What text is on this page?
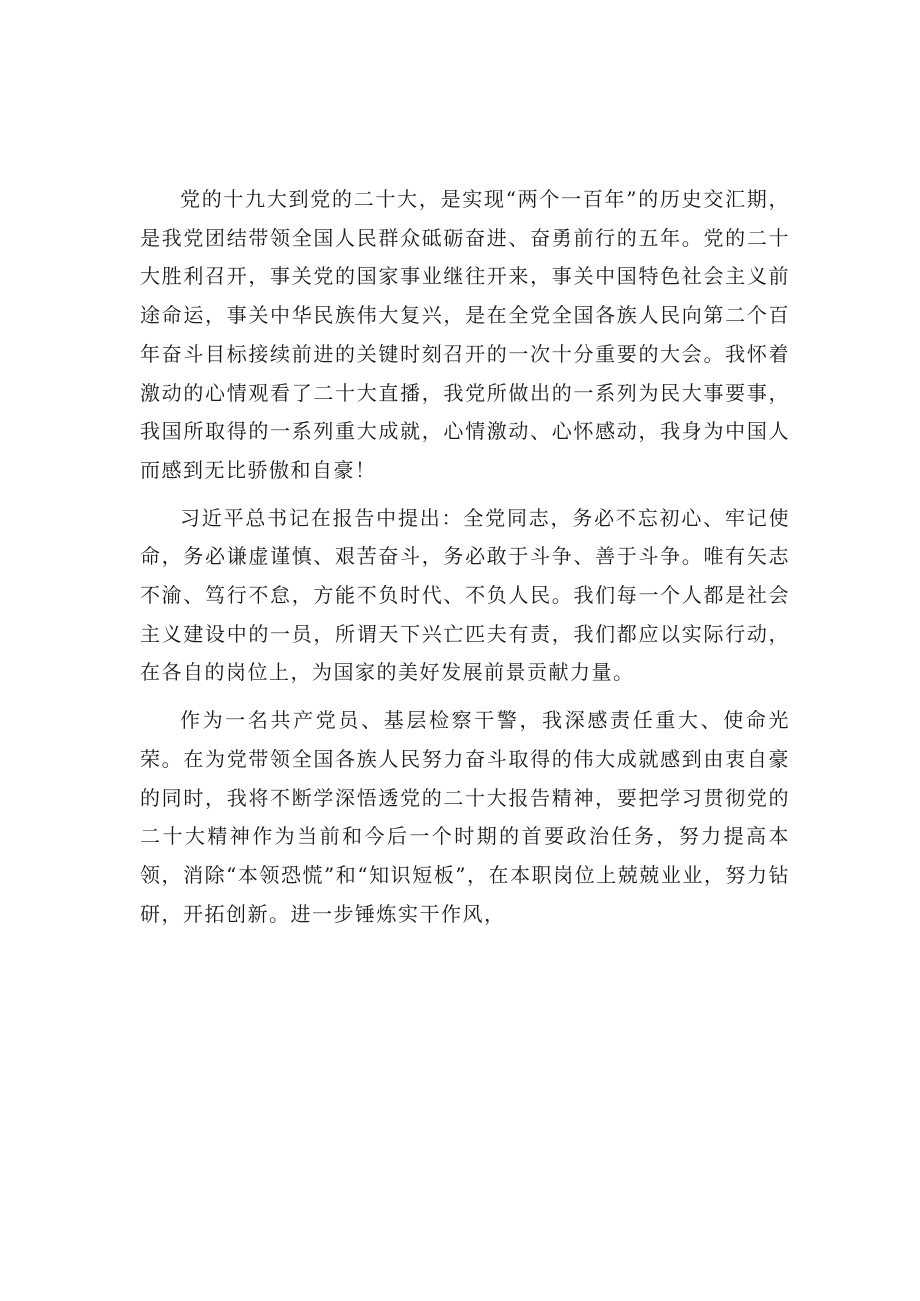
党的十九大到党的二十大，是实现“两个一百年”的历史交汇期，是我党团结带领全国人民群众砥砺奋进、奋勇前行的五年。党的二十大胜利召开，事关党的国家事业继往开来，事关中国特色社会主义前途命运，事关中华民族伟大复兴，是在全党全国各族人民向第二个百年奋斗目标接续前进的关键时刻召开的一次十分重要的大会。我怀着激动的心情观看了二十大直播，我党所做出的一系列为民大事要事，我国所取得的一系列重大成就，心情激动、心怀感动，我身为中国人而感到无比骄傲和自豪！

习近平总书记在报告中提出：全党同志，务必不忘初心、牢记使命，务必谦虚谨慎、艰苦奋斗，务必敢于斗争、善于斗争。唯有矢志不渝、笃行不怠，方能不负时代、不负人民。我们每一个人都是社会主义建设中的一员，所谓天下兴亡匹夫有责，我们都应以实际行动，在各自的岗位上，为国家的美好发展前景贡献力量。

作为一名共产党员、基层检察干警，我深感责任重大、使命光荣。在为党带领全国各族人民努力奋斗取得的伟大成就感到由衷自豪的同时，我将不断学深悟透党的二十大报告精神，要把学习贯彻党的二十大精神作为当前和今后一个时期的首要政治任务，努力提高本领，消除“本领恐慌”和“知识短板”，在本职岗位上兢兢业业，努力钻研，开拓创新。进一步锤炼实干作风，
